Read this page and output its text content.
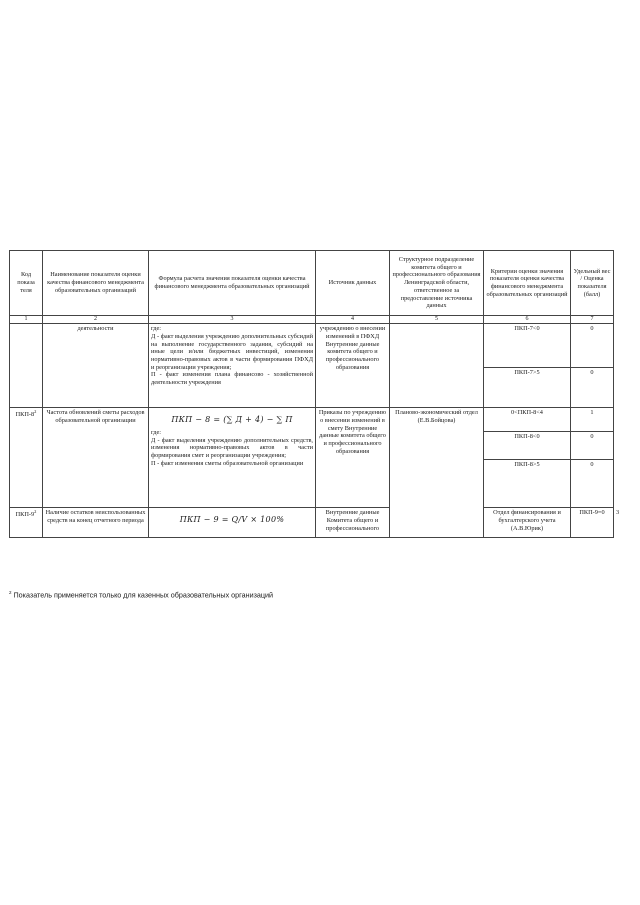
Код показа теля	Наименование показателя оценки качества финансового менеджмента образовательных организаций	Формула расчета значения показателя оценки качества финансового менеджмента образовательных организаций	Источник данных	Структурное подразделение комитета общего и профессионального образования Ленинградской области, ответственное за предоставление источника данных	Критерии оценки значения показателя оценки качества финансового менеджмента образовательных организаций	Удельный вес / Оценка показателя (балл)	
1	2	3	4	5	6	7	
	деятельности	где:
Д - факт выделения учреждению дополнительных субсидий на выполнение государственного задания, субсидий на иные цели и/или бюджетных инвестиций, изменения нормативно-правовых актов в части формирования ПФХД и реорганизации учреждения;
П - факт изменения плана финансово - хозяйственной деятельности учреждения	учреждению о внесении изменений в ПФХД Внутренние данные комитета общего и профессионального образования		ПКП-7<0	0	
					ПКП-7>5	0	
ПКП-$8^2$	Частота обновлений сметы расходов образовательной организации	ПКП − 8 = (∑ Д + 4) − ∑ П
где:
Д - факт выделения учреждению дополнительных средств, изменения нормативно-правовых актов в части формирования смет и реорганизации учреждения;
П - факт изменения сметы образовательной организации	Приказы по учреждению о внесении изменений в смету Внутренние данные комитета общего и профессионального образования	Планово-экономический отдел (Е.В.Бойцова)	0<ПКП-8<4	1	
					ПКП-8<0	0	
					ПКП-8>5	0	
ПКП-$9^2$	Наличие остатков неиспользованных средств на конец отчетного периода	ПКП − 9 = Q/V × 100%	Внутренние данные Комитета общего и профессионального		Отдел финансирования и бухгалтерского учета (А.В.Юрик)	ПКП-9=0	3
$^2$ Показатель применяется только для казенных образовательных организаций
